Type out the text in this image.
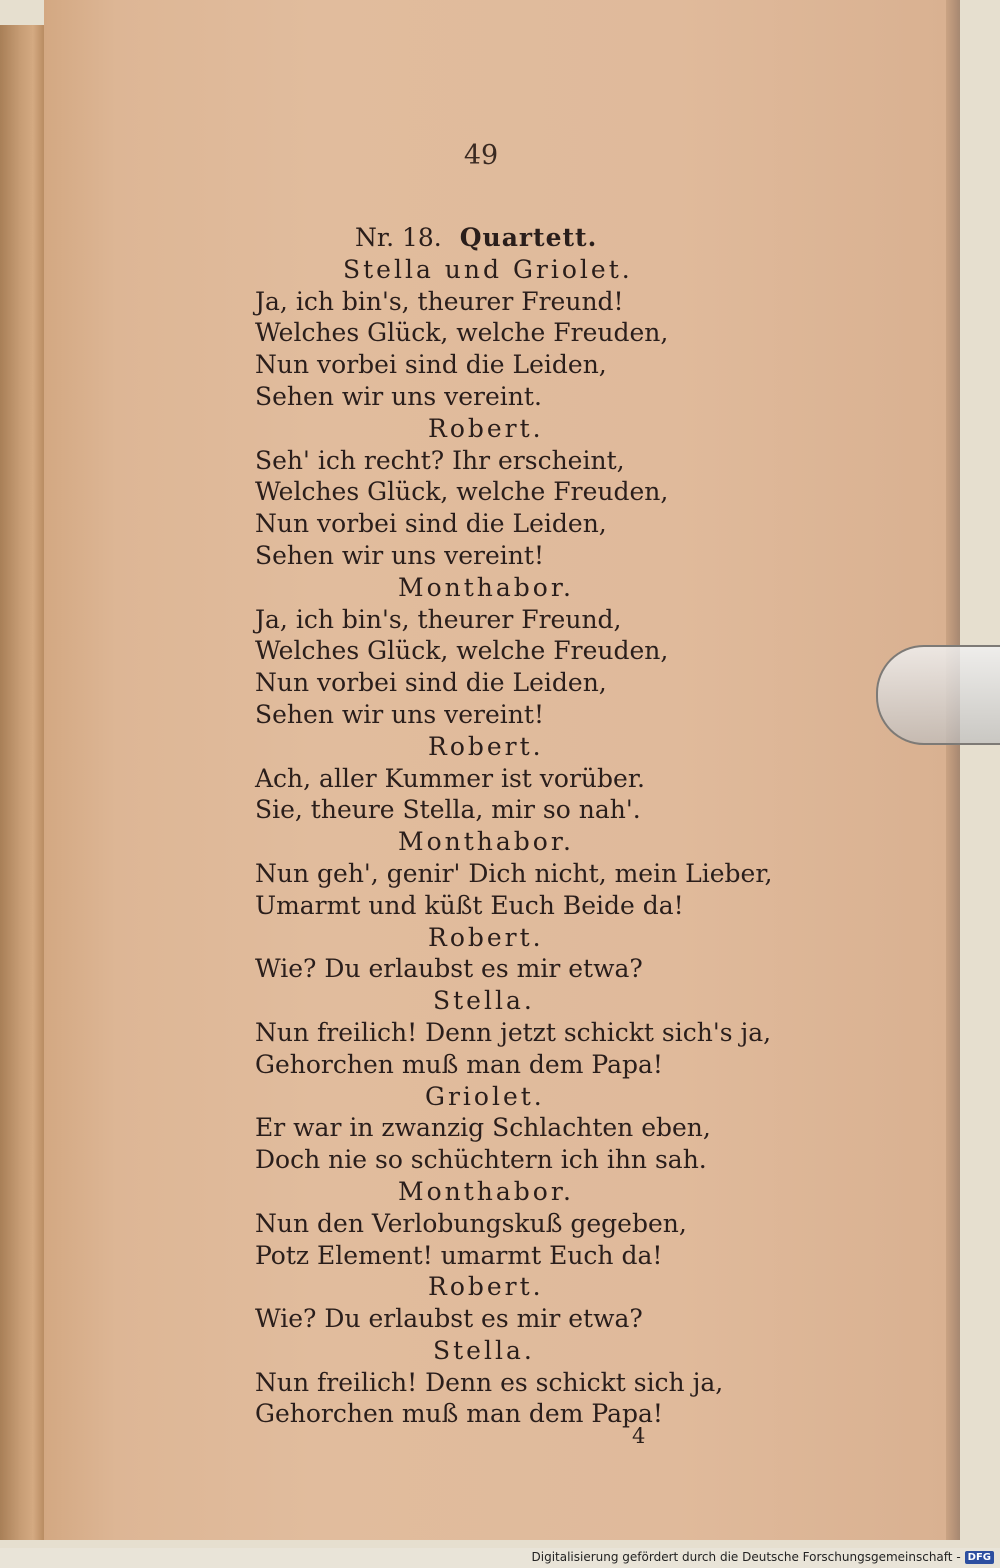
49
Nr. 18. Quartett.
Stella und Griolet.
Ja, ich bin's, theurer Freund!
Welches Glück, welche Freuden,
Nun vorbei sind die Leiden,
Sehen wir uns vereint.
Robert.
Seh' ich recht? Ihr erscheint,
Welches Glück, welche Freuden,
Nun vorbei sind die Leiden,
Sehen wir uns vereint!
Monthabor.
Ja, ich bin's, theurer Freund,
Welches Glück, welche Freuden,
Nun vorbei sind die Leiden,
Sehen wir uns vereint!
Robert.
Ach, aller Kummer ist vorüber.
Sie, theure Stella, mir so nah'.
Monthabor.
Nun geh', genir' Dich nicht, mein Lieber,
Umarmt und küßt Euch Beide da!
Robert.
Wie? Du erlaubst es mir etwa?
Stella.
Nun freilich! Denn jetzt schickt sich's ja,
Gehorchen muß man dem Papa!
Griolet.
Er war in zwanzig Schlachten eben,
Doch nie so schüchtern ich ihn sah.
Monthabor.
Nun den Verlobungskuß gegeben,
Potz Element! umarmt Euch da!
Robert.
Wie? Du erlaubst es mir etwa?
Stella.
Nun freilich! Denn es schickt sich ja,
Gehorchen muß man dem Papa!
4
Digitalisierung gefördert durch die Deutsche Forschungsgemeinschaft - DFG
